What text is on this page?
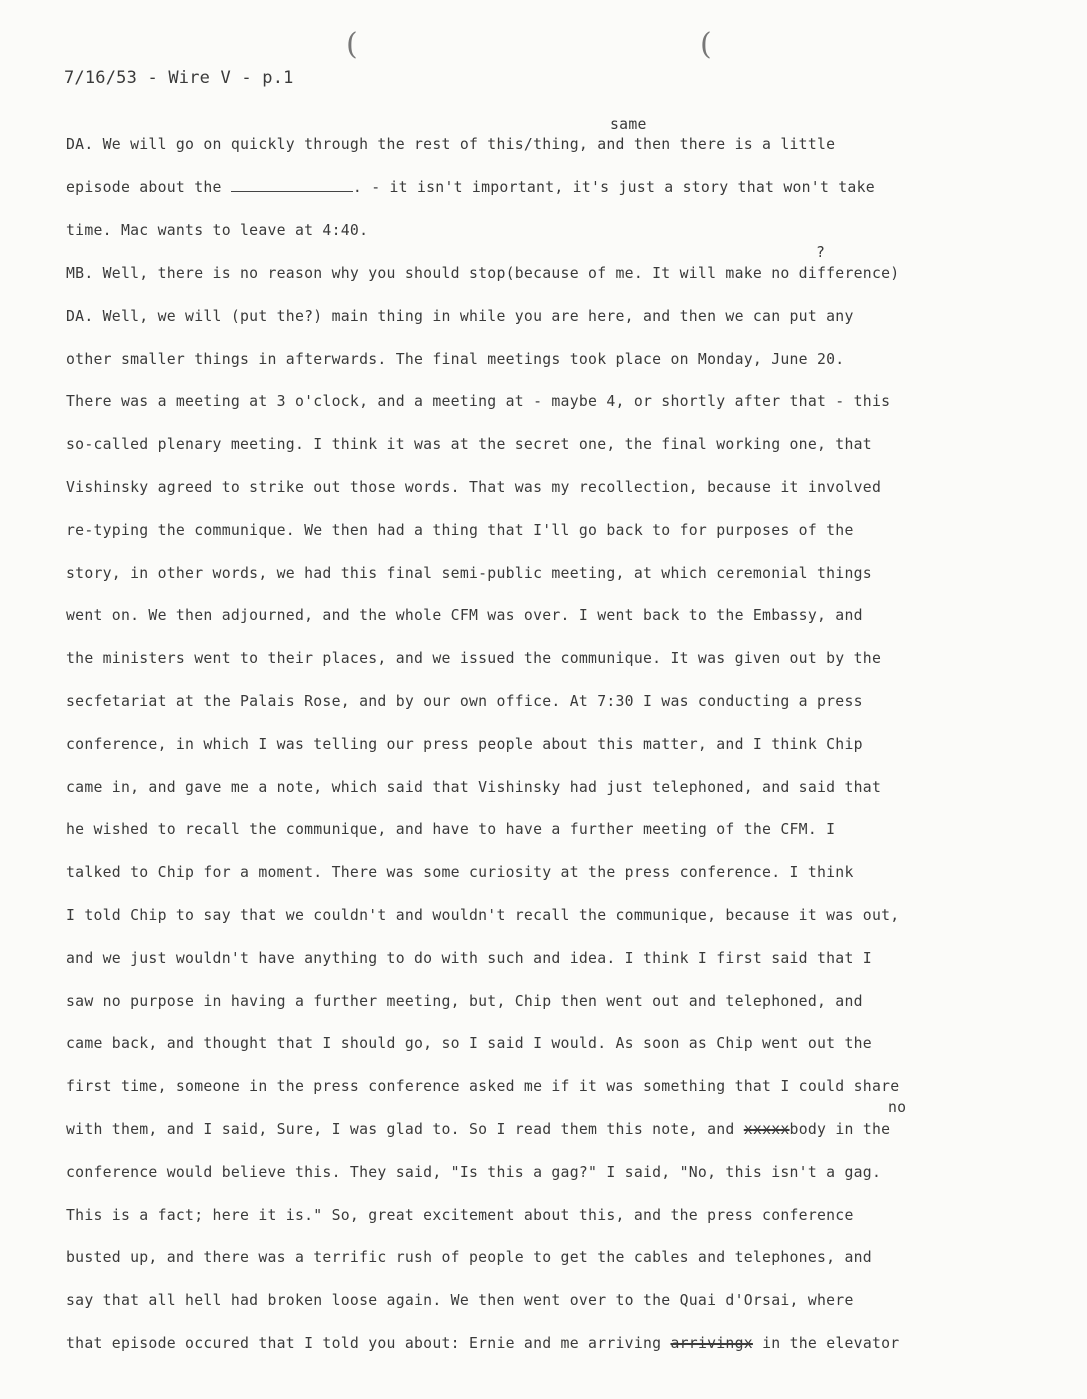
(	(
7/16/53 - Wire V - p.1
same
?
no
DA. We will go on quickly through the rest of this/thing, and then there is a little
episode about the	. - it isn't important, it's just a story that won't take
time. Mac wants to leave at 4:40.
MB. Well, there is no reason why you should stop(because of me. It will make no difference)
DA. Well, we will (put the?) main thing in while you are here, and then we can put any
other smaller things in afterwards. The final meetings took place on Monday, June 20.
There was a meeting at 3 o'clock, and a meeting at - maybe 4, or shortly after that - this
so-called plenary meeting. I think it was at the secret one, the final working one, that
Vishinsky agreed to strike out those words. That was my recollection, because it involved
re-typing the communique. We then had a thing that I'll go back to for purposes of the
story, in other words, we had this final semi-public meeting, at which ceremonial things
went on. We then adjourned, and the whole CFM was over. I went back to the Embassy, and
the ministers went to their places, and we issued the communique. It was given out by the
secfetariat at the Palais Rose, and by our own office. At 7:30 I was conducting a press
conference, in which I was telling our press people about this matter, and I think Chip
came in, and gave me a note, which said that Vishinsky had just telephoned, and said that
he wished to recall the communique, and have to have a further meeting of the CFM. I
talked to Chip for a moment. There was some curiosity at the press conference. I think
I told Chip to say that we couldn't and wouldn't recall the communique, because it was out,
and we just wouldn't have anything to do with such and idea. I think I first said that I
saw no purpose in having a further meeting, but, Chip then went out and telephoned, and
came back, and thought that I should go, so I said I would. As soon as Chip went out the
first time, someone in the press conference asked me if it was something that I could share
with them, and I said, Sure, I was glad to. So I read them this note, and xxxxxbody in the
conference would believe this. They said, "Is this a gag?" I said, "No, this isn't a gag.
This is a fact; here it is." So, great excitement about this, and the press conference
busted up, and there was a terrific rush of people to get the cables and telephones, and
say that all hell had broken loose again. We then went over to the Quai d'Orsai, where
that episode occured that I told you about: Ernie and me arriving arrivingx in the elevator
